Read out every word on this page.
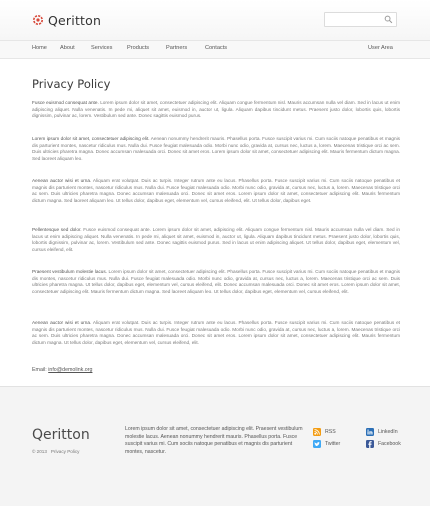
Qeritton
Home About	Services	Products	Partners	Contacts	User Area
Privacy Policy

Fusce euismod consequat ante. Lorem ipsum dolor sit amet, consectetuer adipiscing elit. Aliquam congue fermentum nisl. Mauris accumsan nulla vel diam. Sed in lacus ut enim adipiscing aliquet. Nulla venenatis. In pede mi, aliquet sit amet, euismod in, auctor ut, ligula. Aliquam dapibus tincidunt metus. Praesent justo dolor, lobortis quis, lobortis dignissim, pulvinar ac, lorem. Vestibulum sed ante. Donec sagittis euismod purus.

Lorem ipsum dolor sit amet, consectetuer adipiscing elit. Aenean nonummy hendrerit mauris. Phasellus porta. Fusce suscipit varius mi. Cum sociis natoque penatibus et magnis dis parturient montes, nascetur ridiculus mus. Nulla dui. Fusce feugiat malesuada odio. Morbi nunc odio, gravida at, cursus nec, luctus a, lorem. Maecenas tristique orci ac sem. Duis ultricies pharetra magna. Donec accumsan malesuada orci. Donec sit amet eros. Lorem ipsum dolor sit amet, consectetuer adipiscing elit. Mauris fermentum dictum magna. Sed laoreet aliquam leo.

Aenean auctor wisi et urna. Aliquam erat volutpat. Duis ac turpis. Integer rutrum ante eu lacus. Phasellus porta. Fusce suscipit varius mi. Cum sociis natoque penatibus et magnis dis parturient montes, nascetur ridiculus mus. Nulla dui. Fusce feugiat malesuada odio. Morbi nunc odio, gravida at, cursus nec, luctus a, lorem. Maecenas tristique orci ac sem. Duis ultricies pharetra magna. Donec accumsan malesuada orci. Donec sit amet eros. Lorem ipsum dolor sit amet, consectetuer adipiscing elit. Mauris fermentum dictum magna. Sed laoreet aliquam leo. Ut tellus dolor, dapibus eget, elementum vel, cursus eleifend, elit. Ut tellus dolor, dapibus eget.

Pellentesque sed dolor. Fusce euismod consequat ante. Lorem ipsum dolor sit amet, adipiscing elit. Aliquam congue fermentum nisl. Mauris accumsan nulla vel diam. Sed in lacus ut enim adipiscing aliquet. Nulla venenatis. In pede mi, aliquet sit amet, euismod in, auctor ut, ligula. Aliquam dapibus tincidunt metus. Praesent justo dolor, lobortis quis, lobortis dignissim, pulvinar ac, lorem. Vestibulum sed ante. Donec sagittis euismod purus. Sed in lacus ut enim adipiscing aliquet. Ut tellus dolor, dapibus eget, elementum vel, cursus eleifend, elit.

Praesent vestibulum molestie lacus. Lorem ipsum dolor sit amet, consectetuer adipiscing elit. Phasellus porta. Fusce suscipit varius mi. Cum sociis natoque penatibus et magnis dis montes, nascetur ridiculus mus. Nulla dui. Fusce feugiat malesuada odio. Morbi nunc odio, gravida at, cursus nec, luctus a, lorem. Maecenas tristique orci ac sem. Duis ultricies pharetra magna. Ut tellus dolor, dapibus eget, elementum vel, cursus eleifend, elit. Donec accumsan malesuada orci. Donec sit amet eros. Lorem ipsum dolor sit amet, consectetuer adipiscing elit. Mauris fermentum dictum magna. Sed laoreet aliquam leo. Ut tellus dolor, dapibus eget, elementum vel, cursus eleifend, elit.

Aenean auctor wisi et urna. Aliquam erat volutpat. Duis ac turpis. Integer rutrum ante eu lacus. Phasellus porta. Fusce suscipit varius mi. Cum sociis natoque penatibus et magnis dis parturient montes, nascetur ridiculus mus. Nulla dui. Fusce feugiat malesuada odio. Morbi nunc odio, gravida at, cursus nec, luctus a, lorem. Maecenas tristique orci ac sem. Duis ultricies pharetra magna. Donec accumsan malesuada orci. Donec sit amet eros. Lorem ipsum dolor sit amet, consectetuer adipiscing elit. Mauris fermentum dictum magna. Ut tellus dolor, dapibus eget, elementum vel, cursus eleifend, elit.

Email: info@demolink.org
Qeritton
© 2013 Privacy Policy
Lorem ipsum dolor sit amet, consectetuer adipiscing elit. Praesent vestibulum molestie lacus. Aenean nonummy hendrerit mauris. Phasellus porta. Fusce suscipit varius mi. Cum sociis natoque penatibus et magnis dis parturient montes, nascetur.
RSS
Twitter
LinkedIn
Facebook
